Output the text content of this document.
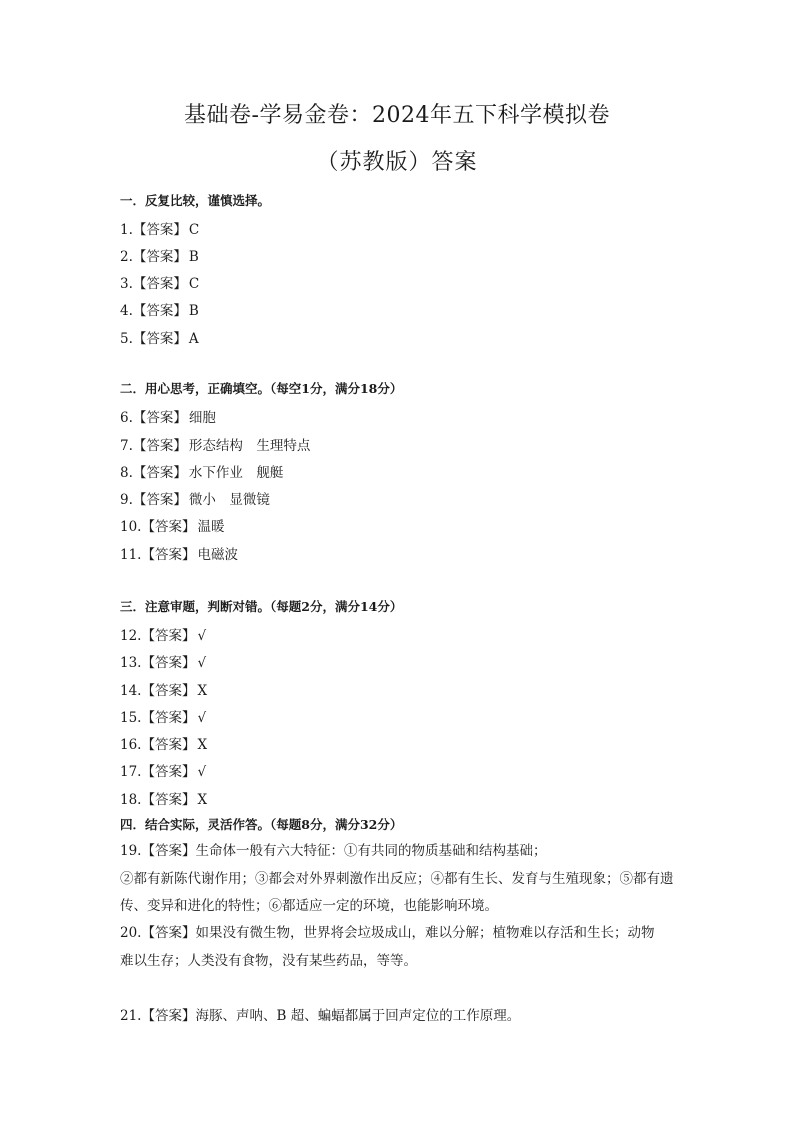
基础卷-学易金卷：2024年五下科学模拟卷
（苏教版）答案
一．反复比较，谨慎选择。
1.【答案】 C
2.【答案】 B
3.【答案】 C
4.【答案】 B
5.【答案】 A
二．用心思考，正确填空。（每空1分，满分18分）
6.【答案】 细胞
7.【答案】 形态结构　生理特点
8.【答案】 水下作业　舰艇
9.【答案】 微小　显微镜
10.【答案】 温暖
11.【答案】 电磁波
三．注意审题，判断对错。（每题2分，满分14分）
12.【答案】 √
13.【答案】 √
14.【答案】 X
15.【答案】 √
16.【答案】 X
17.【答案】 √
18.【答案】 X
四．结合实际，灵活作答。（每题8分，满分32分）
19.【答案】生命体一般有六大特征：①有共同的物质基础和结构基础；
②都有新陈代谢作用；③都会对外界刺激作出反应；④都有生长、发育与生殖现象；⑤都有遗
传、变异和进化的特性；⑥都适应一定的环境，也能影响环境。
20.【答案】如果没有微生物，世界将会垃圾成山，难以分解；植物难以存活和生长；动物
难以生存；人类没有食物，没有某些药品，等等。
21.【答案】海豚、声呐、B 超、蝙蝠都属于回声定位的工作原理。
